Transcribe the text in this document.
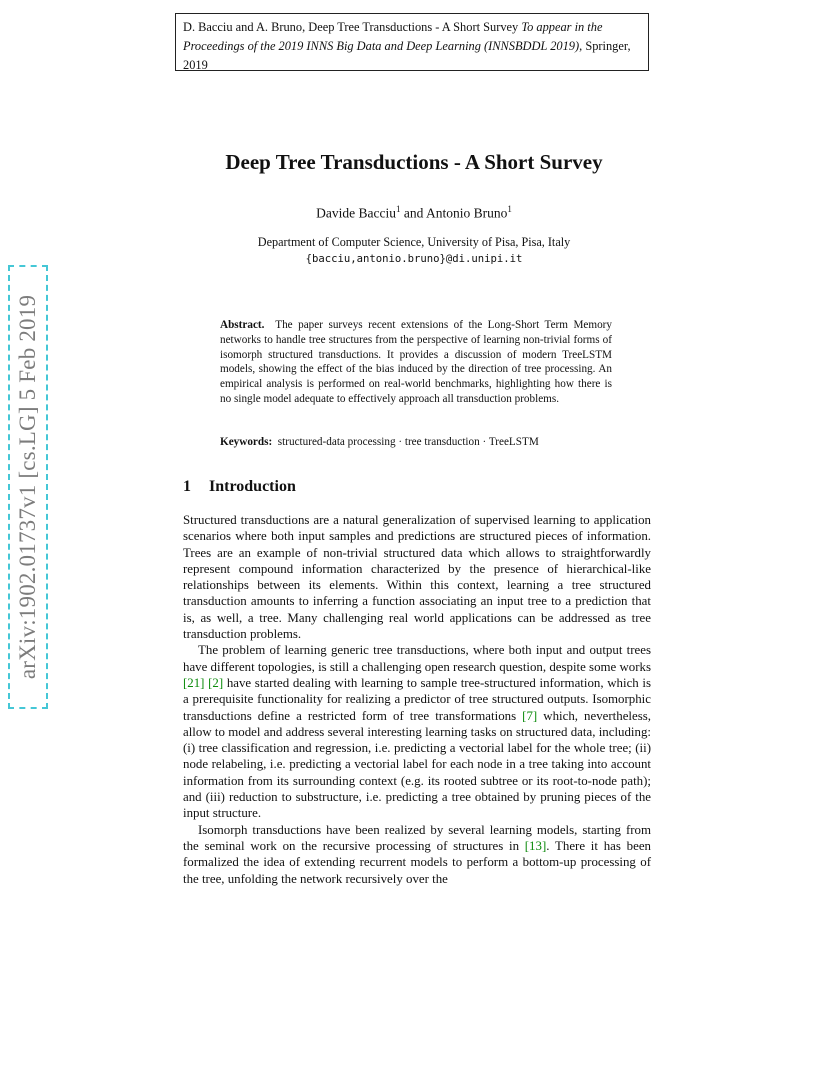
D. Bacciu and A. Bruno, Deep Tree Transductions - A Short Survey To appear in the Proceedings of the 2019 INNS Big Data and Deep Learning (INNSBDDL 2019), Springer, 2019
arXiv:1902.01737v1 [cs.LG] 5 Feb 2019
Deep Tree Transductions - A Short Survey
Davide Bacciu$^1$ and Antonio Bruno$^1$
Department of Computer Science, University of Pisa, Pisa, Italy
{bacciu,antonio.bruno}@di.unipi.it
Abstract. The paper surveys recent extensions of the Long-Short Term Memory networks to handle tree structures from the perspective of learning non-trivial forms of isomorph structured transductions. It provides a discussion of modern TreeLSTM models, showing the effect of the bias induced by the direction of tree processing. An empirical analysis is performed on real-world benchmarks, highlighting how there is no single model adequate to effectively approach all transduction problems.
Keywords: structured-data processing · tree transduction · TreeLSTM
1 Introduction

Structured transductions are a natural generalization of supervised learning to application scenarios where both input samples and predictions are structured pieces of information. Trees are an example of non-trivial structured data which allows to straightforwardly represent compound information characterized by the presence of hierarchical-like relationships between its elements. Within this context, learning a tree structured transduction amounts to inferring a function associating an input tree to a prediction that is, as well, a tree. Many challenging real world applications can be addressed as tree transduction problems.

The problem of learning generic tree transductions, where both input and output trees have different topologies, is still a challenging open research question, despite some works [21] [2] have started dealing with learning to sample tree-structured information, which is a prerequisite functionality for realizing a predictor of tree structured outputs. Isomorphic transductions define a restricted form of tree transformations [7] which, nevertheless, allow to model and address several interesting learning tasks on structured data, including: (i) tree classification and regression, i.e. predicting a vectorial label for the whole tree; (ii) node relabeling, i.e. predicting a vectorial label for each node in a tree taking into account information from its surrounding context (e.g. its rooted subtree or its root-to-node path); and (iii) reduction to substructure, i.e. predicting a tree obtained by pruning pieces of the input structure.

Isomorph transductions have been realized by several learning models, starting from the seminal work on the recursive processing of structures in [13]. There it has been formalized the idea of extending recurrent models to perform a bottom-up processing of the tree, unfolding the network recursively over the
